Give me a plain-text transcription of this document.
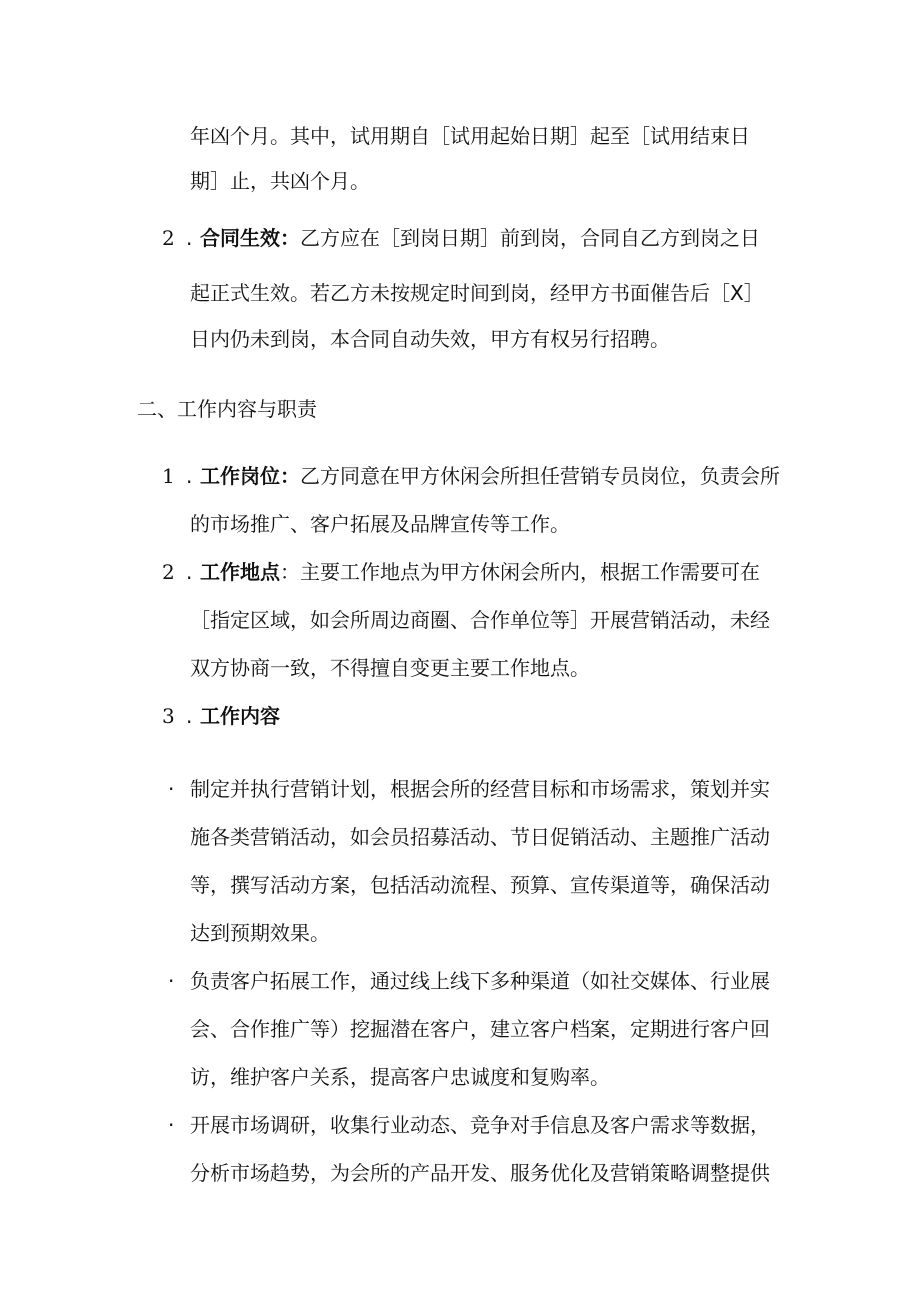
年凶个月。其中，试用期自［试用起始日期］起至［试用结束日
期］止，共凶个月。
2 . 合同生效：乙方应在［到岗日期］前到岗，合同自乙方到岗之日
起正式生效。若乙方未按规定时间到岗，经甲方书面催告后［X］
日内仍未到岗，本合同自动失效，甲方有权另行招聘。
二、工作内容与职责
1 . 工作岗位：乙方同意在甲方休闲会所担任营销专员岗位，负责会所
的市场推广、客户拓展及品牌宣传等工作。
2 . 工作地点：主要工作地点为甲方休闲会所内，根据工作需要可在
［指定区域，如会所周边商圈、合作单位等］开展营销活动，未经
双方协商一致，不得擅自变更主要工作地点。
3 . 工作内容
· 制定并执行营销计划，根据会所的经营目标和市场需求，策划并实
施各类营销活动，如会员招募活动、节日促销活动、主题推广活动
等，撰写活动方案，包括活动流程、预算、宣传渠道等，确保活动
达到预期效果。
· 负责客户拓展工作，通过线上线下多种渠道（如社交媒体、行业展
会、合作推广等）挖掘潜在客户，建立客户档案，定期进行客户回
访，维护客户关系，提高客户忠诚度和复购率。
· 开展市场调研，收集行业动态、竞争对手信息及客户需求等数据，
分析市场趋势，为会所的产品开发、服务优化及营销策略调整提供
